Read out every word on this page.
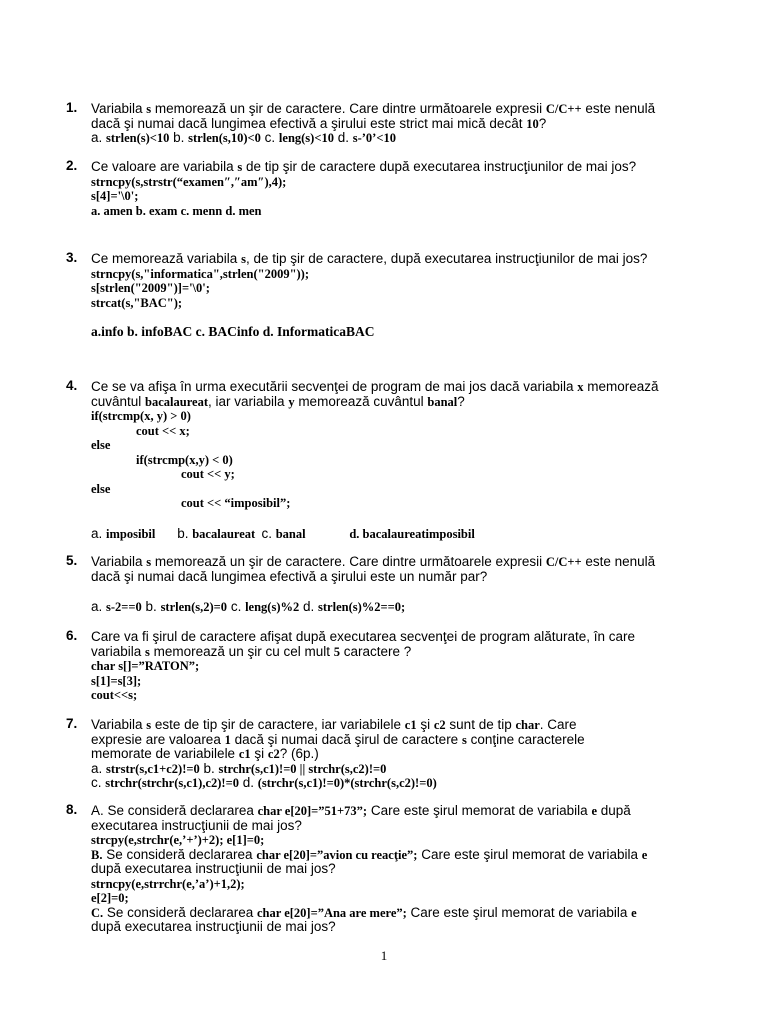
1. Variabila s memorează un şir de caractere. Care dintre următoarele expresii C/C++ este nenulă
dacă şi numai dacă lungimea efectivă a şirului este strict mai mică decât 10?
a. strlen(s)<10 b. strlen(s,10)<0 c. leng(s)<10 d. s-’0’<10
2. Ce valoare are variabila s de tip şir de caractere după executarea instrucţiunilor de mai jos?
strncpy(s,strstr(“examen″,″am″),4);
s[4]='\0';
a. amen b. exam c. menn d. men
3. Ce memorează variabila s, de tip şir de caractere, după executarea instrucţiunilor de mai jos?
strncpy(s,"informatica",strlen("2009"));
s[strlen("2009")]='\0';
strcat(s,"BAC");
a.info b. infoBAC c. BACinfo d. InformaticaBAC
4. Ce se va afişa în urma executării secvenţei de program de mai jos dacă variabila x memorează
cuvântul bacalaureat, iar variabila y memorează cuvântul banal?
if(strcmp(x, y) > 0)
cout << x;
else
if(strcmp(x,y) < 0)
cout << y;
else
cout << “imposibil”;
a. imposibil       b. bacalaureat  c. banal              d. bacalaureatimposibil
5. Variabila s memorează un şir de caractere. Care dintre următoarele expresii C/C++ este nenulă
dacă şi numai dacă lungimea efectivă a şirului este un număr par?
a. s-2==0 b. strlen(s,2)=0 c. leng(s)%2 d. strlen(s)%2==0;
6. Care va fi şirul de caractere afişat după executarea secvenţei de program alăturate, în care
variabila s memorează un şir cu cel mult 5 caractere ?
char s[]=”RATON”;
s[1]=s[3];
cout<<s;
7. Variabila s este de tip şir de caractere, iar variabilele c1 şi c2 sunt de tip char. Care
expresie are valoarea 1 dacă şi numai dacă şirul de caractere s conţine caracterele
memorate de variabilele c1 şi c2? (6p.)
a. strstr(s,c1+c2)!=0 b. strchr(s,c1)!=0 || strchr(s,c2)!=0
c. strchr(strchr(s,c1),c2)!=0 d. (strchr(s,c1)!=0)*(strchr(s,c2)!=0)
8. A. Se consideră declararea char e[20]=”51+73”; Care este şirul memorat de variabila e după
executarea instrucţiunii de mai jos?
strcpy(e,strchr(e,’+’)+2); e[1]=0;
B. Se consideră declararea char e[20]=”avion cu reacţie”; Care este şirul memorat de variabila e
după executarea instrucţiunii de mai jos?
strncpy(e,strrchr(e,’a’)+1,2);
e[2]=0;
C. Se consideră declararea char e[20]=”Ana are mere”; Care este şirul memorat de variabila e
după executarea instrucţiunii de mai jos?
1
